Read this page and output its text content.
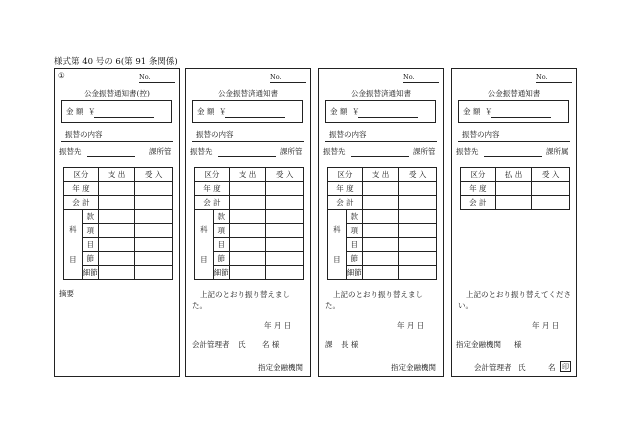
様式第 40 号の 6(第 91 条関係)
①	No.
公金振替通知書(控)
金 額 ￥
振替の内容
振替先	課所管
区分		支 出	受 入
年 度			
会 計			
科
目	款		
	項		
	目		
	節		
	細節		
摘要
No.
公金振替済通知書
金 額 ￥
振替の内容
振替先	課所管
区分		支 出	受 入
年 度			
会 計			
科
目	款		
	項		
	目		
	節		
	細節		
上記のとおり振り替えました。
年 月 日
会計管理者 氏 名 様
指定金融機関
No.
公金振替済通知書
金 額 ￥
振替の内容
振替先	課所管
区分		支 出	受 入
年 度			
会 計			
科
目	款		
	項		
	目		
	節		
	細節		
上記のとおり振り替えました。
年 月 日
課 長 様
指定金融機関
No.
公金振替通知書
金 額 ￥
振替の内容
振替先	課所属
区分	払 出	受 入
年 度		
会 計		
上記のとおり振り替えてください。
年 月 日
指定金融機関 様
会計管理者 氏	名 印
